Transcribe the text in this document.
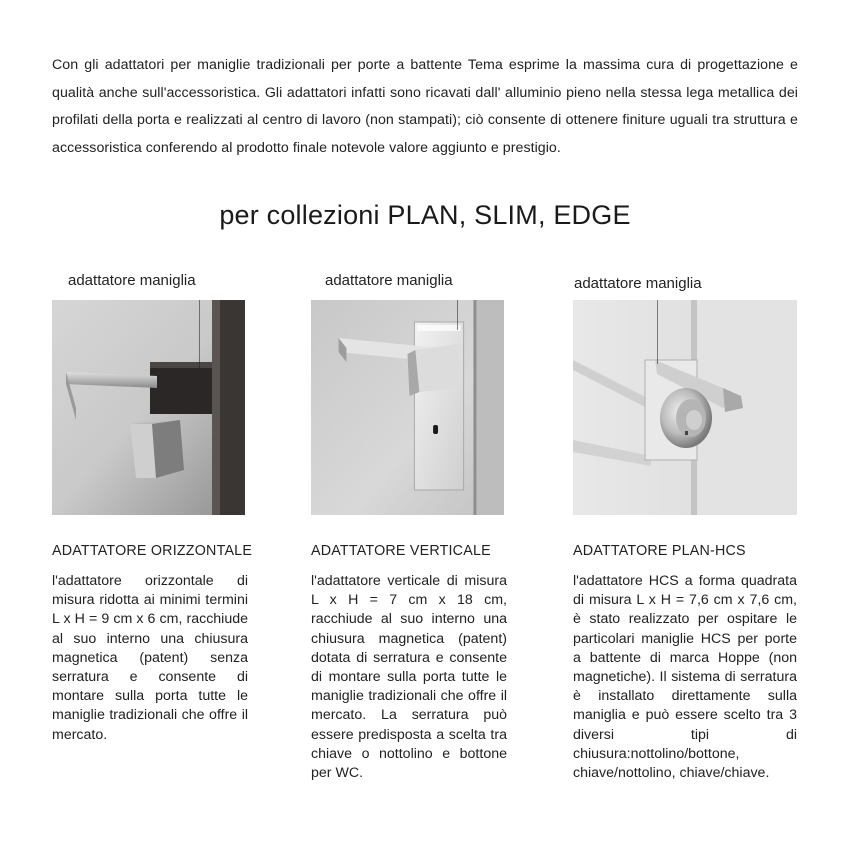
Con gli adattatori per maniglie tradizionali per porte a battente Tema esprime la massima cura di progettazione e qualità anche sull'accessoristica. Gli adattatori infatti sono ricavati dall' alluminio pieno nella stessa lega metallica dei profilati della porta e realizzati al centro di lavoro (non stampati); ciò consente di ottenere finiture uguali tra struttura e accessoristica conferendo al prodotto finale notevole valore aggiunto e prestigio.

per collezioni PLAN, SLIM, EDGE
adattatore maniglia
ADATTATORE ORIZZONTALE
l'adattatore orizzontale di misura ridotta ai minimi termini L x H = 9 cm x 6 cm, racchiude al suo interno una chiusura magnetica (patent) senza serratura e consente di montare sulla porta tutte le maniglie tradizionali che offre il mercato.
adattatore maniglia
ADATTATORE VERTICALE
l'adattatore verticale di misura L x H = 7 cm x 18 cm, racchiude al suo interno una chiusura magnetica (patent) dotata di serratura e consente di montare sulla porta tutte le maniglie tradizionali che offre il mercato. La serratura può essere predisposta a scelta tra chiave o nottolino e bottone per WC.
adattatore maniglia
ADATTATORE PLAN-HCS
l'adattatore HCS a forma quadrata di misura L x H = 7,6 cm x 7,6 cm, è stato realizzato per ospitare le particolari maniglie HCS per porte a battente di marca Hoppe (non magnetiche). Il sistema di serratura è installato direttamente sulla maniglia e può essere scelto tra 3 diversi tipi di chiusura:nottolino/bottone, chiave/nottolino, chiave/chiave.
